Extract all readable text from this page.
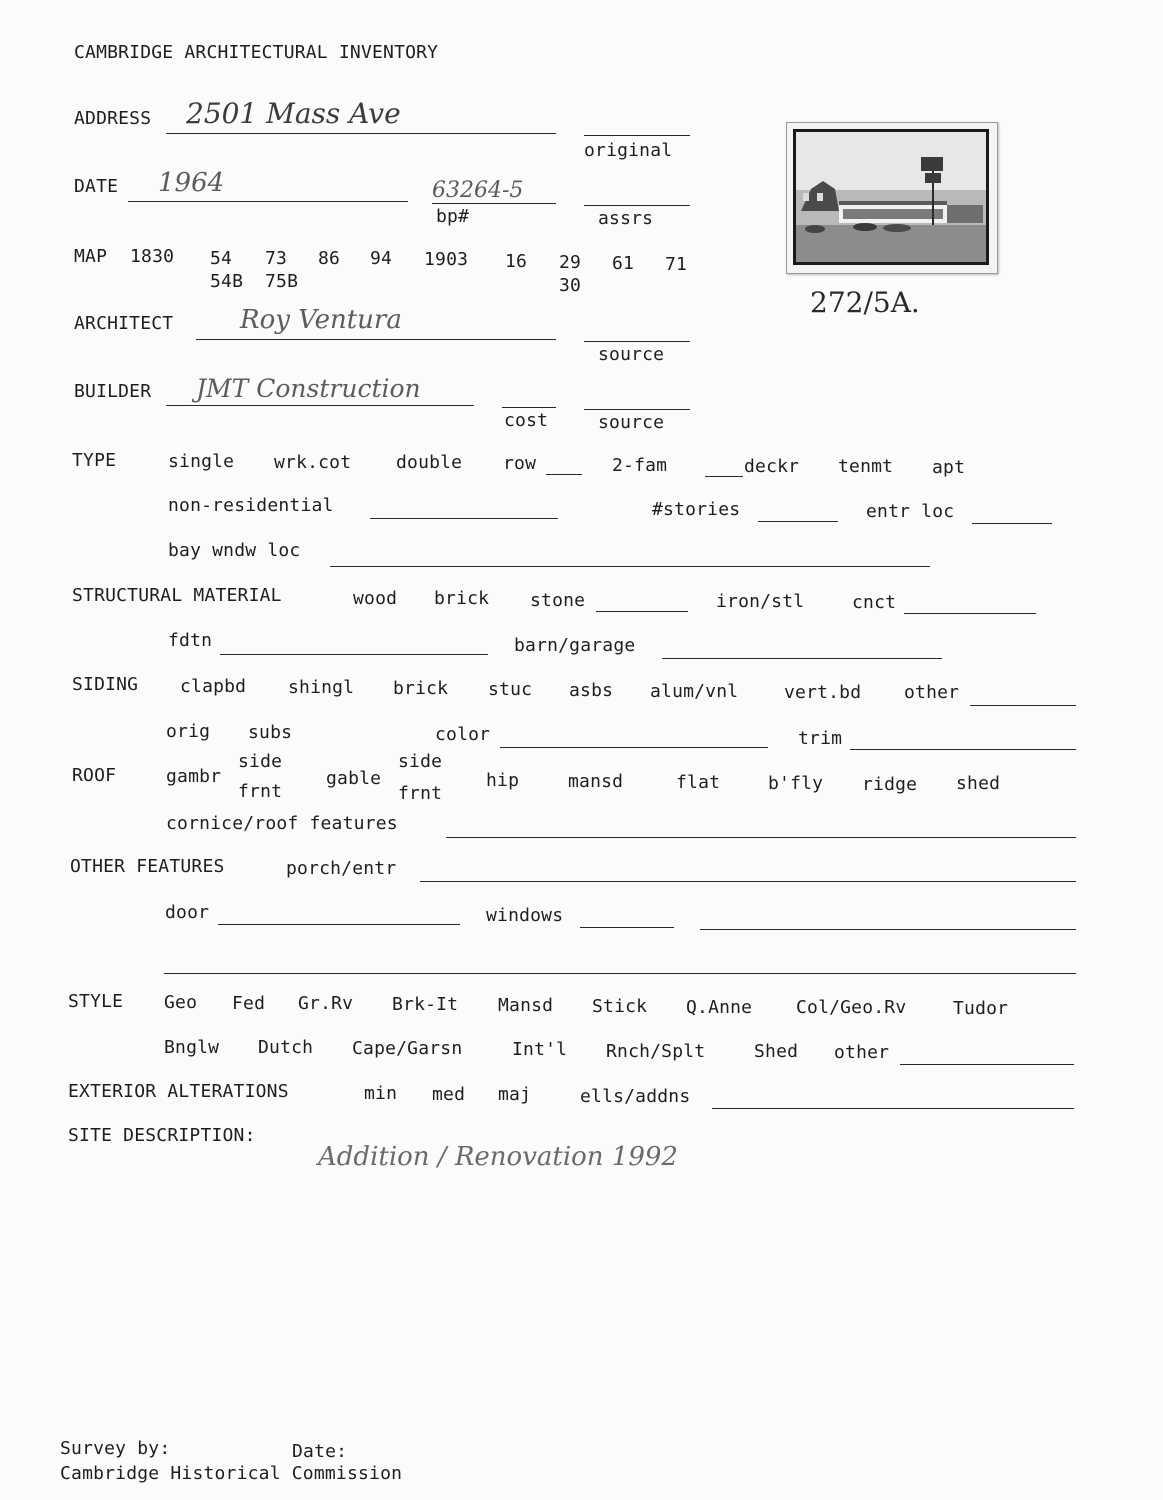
CAMBRIDGE ARCHITECTURAL INVENTORY
ADDRESS 2501 Mass Ave
original
DATE 1964	63264-5
bp#	assrs
MAP 1830 54 73 86 94 1903 16 29 61 71
54B 75B	30
ARCHITECT	Roy Ventura
source
BUILDER JMT Construction
cost	source
TYPE	single wrk.cot double row	2-fam	deckr tenmt apt
non-residential	#stories	entr loc
bay wndw loc
STRUCTURAL MATERIAL	wood brick stone	iron/stl	cnct
fdtn	barn/garage
SIDING clapbd shingl brick stuc asbs alum/vnl	vert.bd other
orig subs	color	trim
ROOF	gambr
side
frnt
gable
side
frnt
hip	mansd	flat	b'fly ridge shed
cornice/roof features
OTHER FEATURES	porch/entr
door	windows
STYLE Geo Fed Gr.Rv Brk-It Mansd Stick Q.Anne Col/Geo.Rv	Tudor
Bnglw Dutch Cape/Garsn	Int'l Rnch/Splt	Shed other
EXTERIOR ALTERATIONS	min med maj	ells/addns
SITE DESCRIPTION:
Addition / Renovation 1992
272/5A.
Survey by:	Date:
Cambridge Historical Commission
